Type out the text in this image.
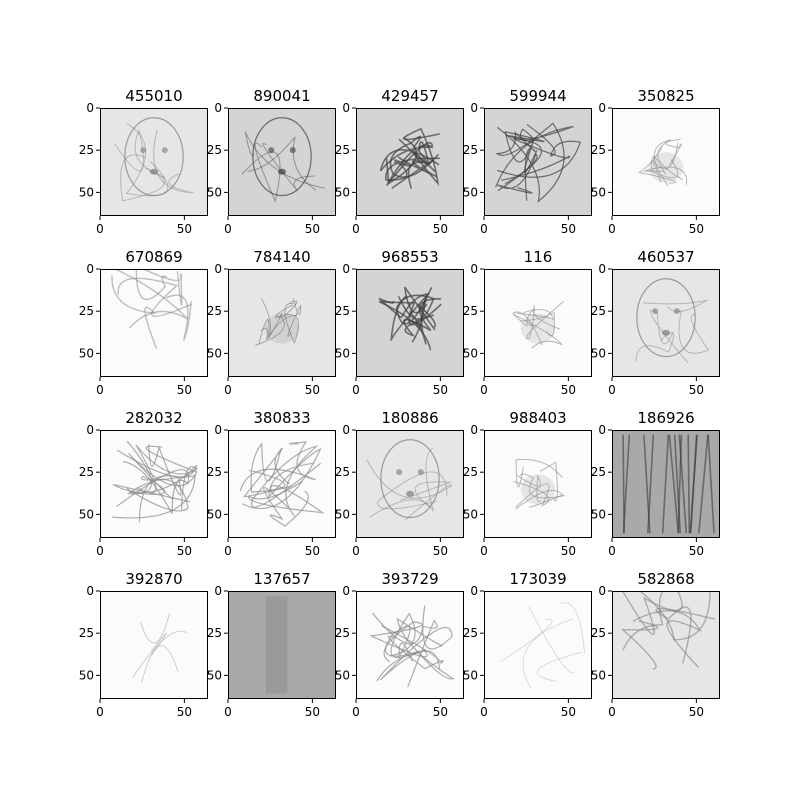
455010
0	50
0
25
50
890041
0	50
0
25
50
429457
0	50
0
25
50
599944
0	50
0
25
50
350825
0	50
0
25
50
670869
0	50
0
25
50
784140
0	50
0
25
50
968553
0	50
0
25
50
116
0	50
0
25
50
460537
0	50
0
25
50
282032
0	50
0
25
50
380833
0	50
0
25
50
180886
0	50
0
25
50
988403
0	50
0
25
50
186926
0	50
0
25
50
392870
0	50
0
25
50
137657
0	50
0
25
50
393729
0	50
0
25
50
173039
0	50
0
25
50
582868
0	50
0
25
50
